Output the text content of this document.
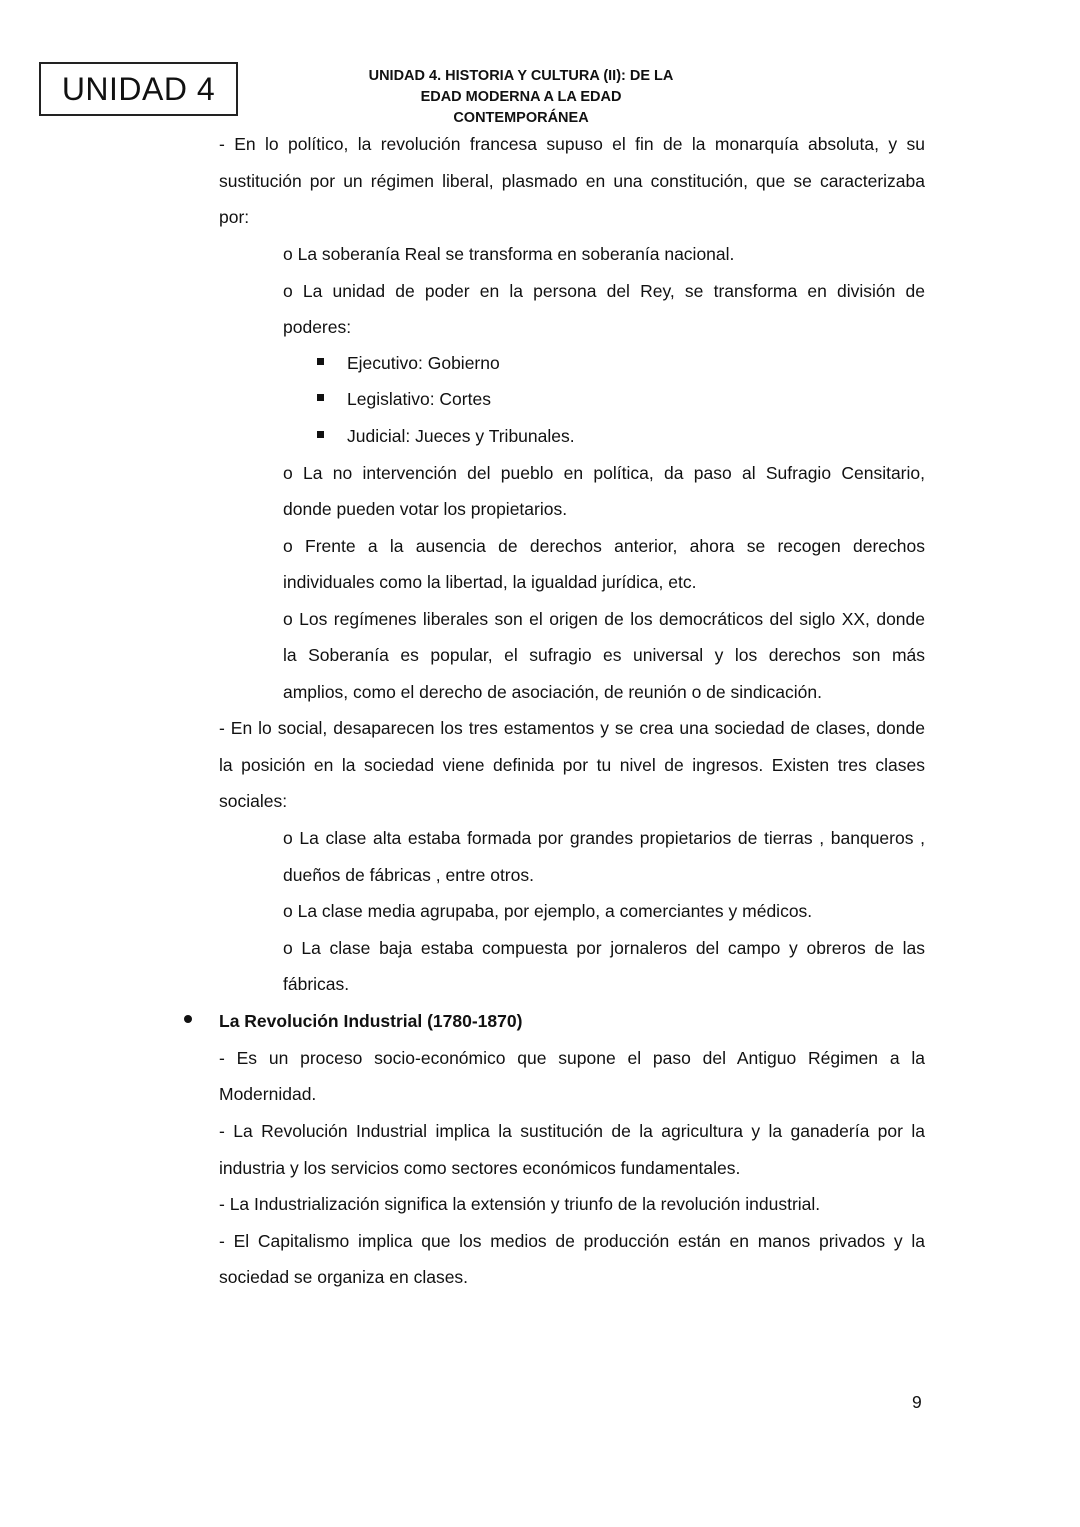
UNIDAD 4	UNIDAD 4. HISTORIA Y CULTURA (II): DE LA
EDAD MODERNA A LA EDAD
CONTEMPORÁNEA
- En lo político, la revolución francesa supuso el fin de la monarquía absoluta, y su
sustitución por un régimen liberal, plasmado en una constitución, que se caracterizaba
por:
o La soberanía Real se transforma en soberanía nacional.
o La unidad de poder en la persona del Rey, se transforma en división de
poderes:
Ejecutivo: Gobierno
Legislativo: Cortes
Judicial: Jueces y Tribunales.
o La no intervención del pueblo en política, da paso al Sufragio Censitario,
donde pueden votar los propietarios.
o Frente a la ausencia de derechos anterior, ahora se recogen derechos
individuales como la libertad, la igualdad jurídica, etc.
o Los regímenes liberales son el origen de los democráticos del siglo XX, donde
la Soberanía es popular, el sufragio es universal y los derechos son más
amplios, como el derecho de asociación, de reunión o de sindicación.
- En lo social, desaparecen los tres estamentos y se crea una sociedad de clases, donde
la posición en la sociedad viene definida por tu nivel de ingresos. Existen tres clases
sociales:
o La clase alta estaba formada por grandes propietarios de tierras , banqueros ,
dueños de fábricas , entre otros.
o La clase media agrupaba, por ejemplo, a comerciantes y médicos.
o La clase baja estaba compuesta por jornaleros del campo y obreros de las
fábricas.
La Revolución Industrial (1780-1870)
- Es un proceso socio-económico que supone el paso del Antiguo Régimen a la
Modernidad.
- La Revolución Industrial implica la sustitución de la agricultura y la ganadería por la
industria y los servicios como sectores económicos fundamentales.
- La Industrialización significa la extensión y triunfo de la revolución industrial.
- El Capitalismo implica que los medios de producción están en manos privados y la
sociedad se organiza en clases.
9
